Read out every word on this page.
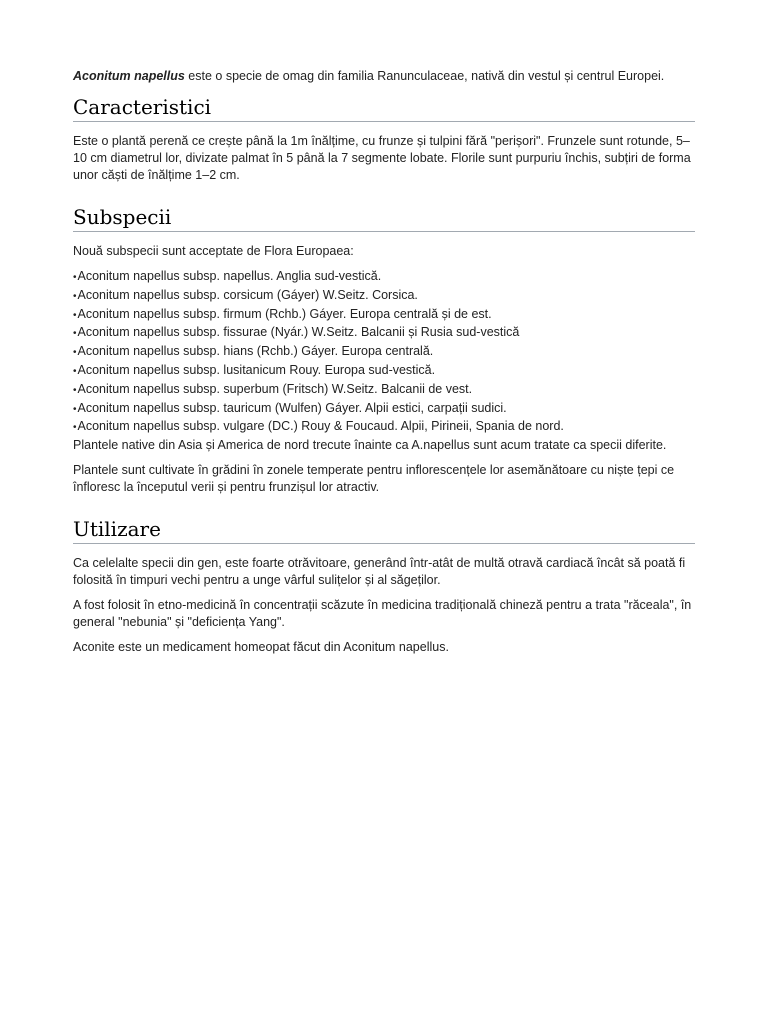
Aconitum napellus este o specie de omag din familia Ranunculaceae, nativă din vestul și centrul Europei.

Caracteristici

Este o plantă perenă ce crește până la 1m înălțime, cu frunze și tulpini fără "perișori". Frunzele sunt rotunde, 5–10 cm diametrul lor, divizate palmat în 5 până la 7 segmente lobate. Florile sunt purpuriu închis, subțiri de forma unor căști de înălțime 1–2 cm.

Subspecii

Nouă subspecii sunt acceptate de Flora Europaea:

•Aconitum napellus subsp. napellus. Anglia sud-vestică.
•Aconitum napellus subsp. corsicum (Gáyer) W.Seitz. Corsica.
•Aconitum napellus subsp. firmum (Rchb.) Gáyer. Europa centrală și de est.
•Aconitum napellus subsp. fissurae (Nyár.) W.Seitz. Balcanii și Rusia sud-vestică
•Aconitum napellus subsp. hians (Rchb.) Gáyer. Europa centrală.
•Aconitum napellus subsp. lusitanicum Rouy. Europa sud-vestică.
•Aconitum napellus subsp. superbum (Fritsch) W.Seitz. Balcanii de vest.
•Aconitum napellus subsp. tauricum (Wulfen) Gáyer. Alpii estici, carpații sudici.
•Aconitum napellus subsp. vulgare (DC.) Rouy & Foucaud. Alpii, Pirineii, Spania de nord.

Plantele native din Asia și America de nord trecute înainte ca A.napellus sunt acum tratate ca specii diferite.

Plantele sunt cultivate în grădini în zonele temperate pentru inflorescențele lor asemănătoare cu niște țepi ce înfloresc la începutul verii și pentru frunzișul lor atractiv.

Utilizare

Ca celelalte specii din gen, este foarte otrăvitoare, generând într-atât de multă otravă cardiacă încât să poată fi folosită în timpuri vechi pentru a unge vârful sulițelor și al săgeților.

A fost folosit în etno-medicină în concentrații scăzute în medicina tradițională chineză pentru a trata "răceala", în general "nebunia" și "deficiența Yang".

Aconite este un medicament homeopat făcut din Aconitum napellus.
